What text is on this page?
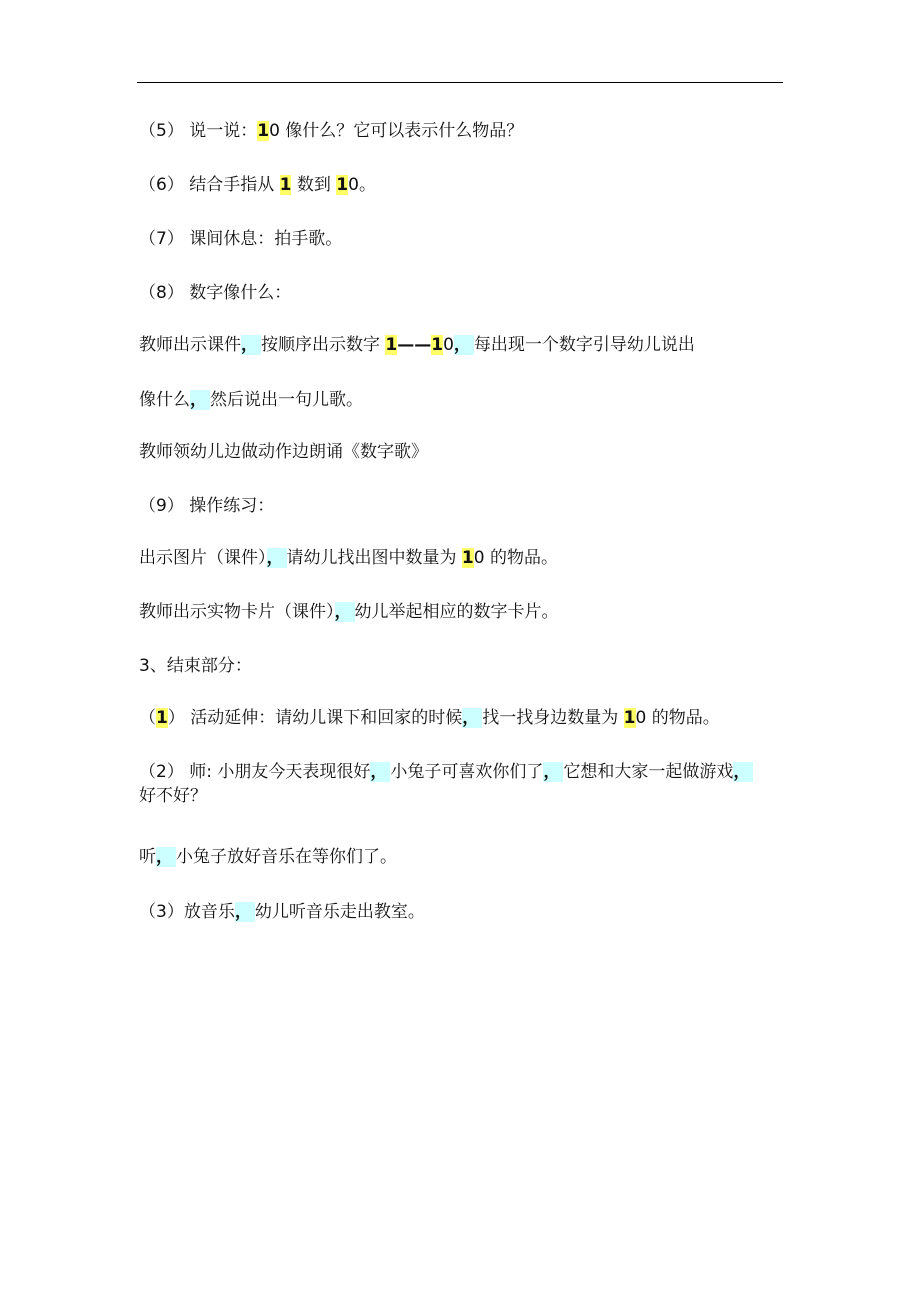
（5） 说一说：10 像什么？它可以表示什么物品？
（6） 结合手指从 1 数到 10。
（7） 课间休息：拍手歌。
（8） 数字像什么：
教师出示课件， 按顺序出示数字 1——10， 每出现一个数字引导幼儿说出
像什么， 然后说出一句儿歌。
教师领幼儿边做动作边朗诵《数字歌》
（9） 操作练习：
出示图片（课件）， 请幼儿找出图中数量为 10 的物品。
教师出示实物卡片（课件）， 幼儿举起相应的数字卡片。
3、结束部分：
（1） 活动延伸：请幼儿课下和回家的时候， 找一找身边数量为 10 的物品。
（2） 师: 小朋友今天表现很好， 小兔子可喜欢你们了， 它想和大家一起做游戏，
好不好？
听， 小兔子放好音乐在等你们了。
（3）放音乐， 幼儿听音乐走出教室。
